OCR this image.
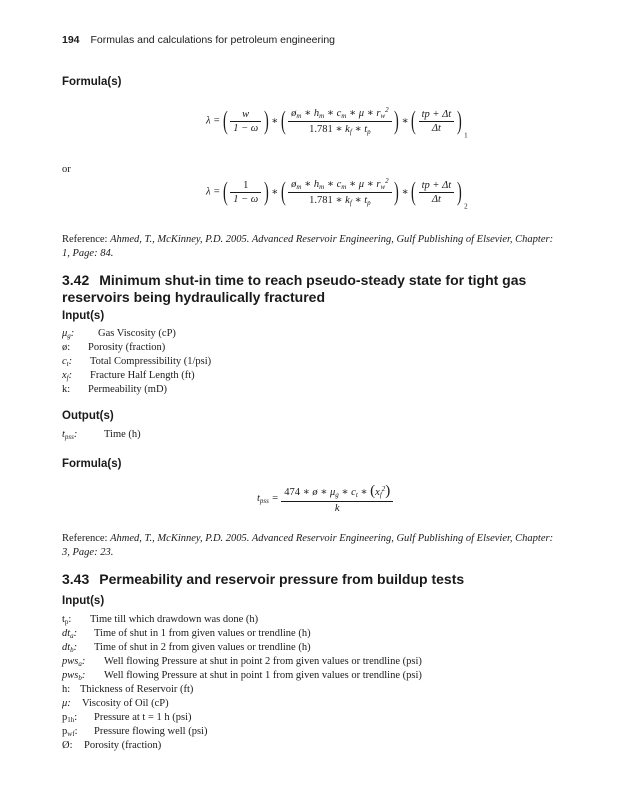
194 Formulas and calculations for petroleum engineering
Formula(s)
λ = ( $\frac{w}{1 - \omega}$ ) ∗ ( $\frac{ø_m ∗ h_m ∗ c_m ∗ \mu ∗ r_w^2}{1.781 ∗ k_f ∗ t_p}$ ) ∗ ( $\frac{tp + \Delta t}{\Delta t}$ ) $_1$
or
λ = ( $\frac{1}{1 - \omega}$ ) ∗ ( $\frac{ø_m ∗ h_m ∗ c_m ∗ \mu ∗ r_w^2}{1.781 ∗ k_f ∗ t_p}$ ) ∗ ( $\frac{tp + \Delta t}{\Delta t}$ ) $_2$
Reference: Ahmed, T., McKinney, P.D. 2005. Advanced Reservoir Engineering, Gulf Publishing of Elsevier, Chapter: 1, Page: 84.
3.42 Minimum shut-in time to reach pseudo-steady state for tight gas reservoirs being hydraulically fractured
Input(s)
$\mu_g$: Gas Viscosity (cP)
ø: Porosity (fraction)
$c_t$: Total Compressibility (1/psi)
$x_f$: Fracture Half Length (ft)
k: Permeability (mD)
Output(s)
$t_{pss}$:	Time (h)
Formula(s)
$t_{pss} = \frac{474 ∗ ø ∗ \mu_g ∗ c_t ∗ (x_f^2)}{k}$
Reference: Ahmed, T., McKinney, P.D. 2005. Advanced Reservoir Engineering, Gulf Publishing of Elsevier, Chapter: 3, Page: 23.
3.43 Permeability and reservoir pressure from buildup tests
Input(s)
$t_p$: Time till which drawdown was done (h)
$dt_a$: Time of shut in 1 from given values or trendline (h)
$dt_b$: Time of shut in 2 from given values or trendline (h)
pws$_a$: Well flowing Pressure at shut in point 2 from given values or trendline (psi)
pws$_b$: Well flowing Pressure at shut in point 1 from given values or trendline (psi)
h: Thickness of Reservoir (ft)
μ: Viscosity of Oil (cP)
$p_{1h}$: Pressure at t = 1 h (psi)
$p_{wf}$: Pressure flowing well (psi)
Ø: Porosity (fraction)
